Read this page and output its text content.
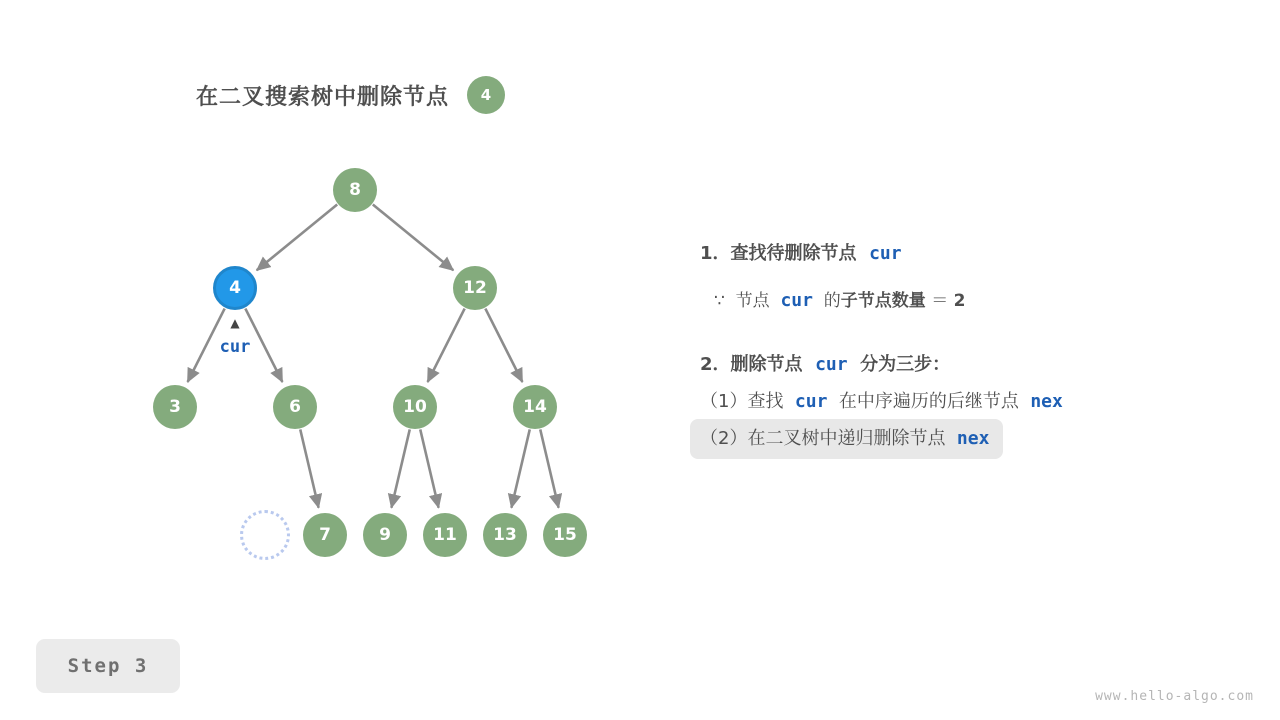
在二叉搜索树中删除节点	4
8
4	12
3	6	10	14
7	9	11	13	15
▲
cur
1．查找待删除节点 cur
∵ 节点 cur 的子节点数量 ＝ 2
2．删除节点 cur 分为三步：
（1）查找 cur 在中序遍历的后继节点 nex
（2）在二叉树中递归删除节点 nex
Step 3
www.hello-algo.com
